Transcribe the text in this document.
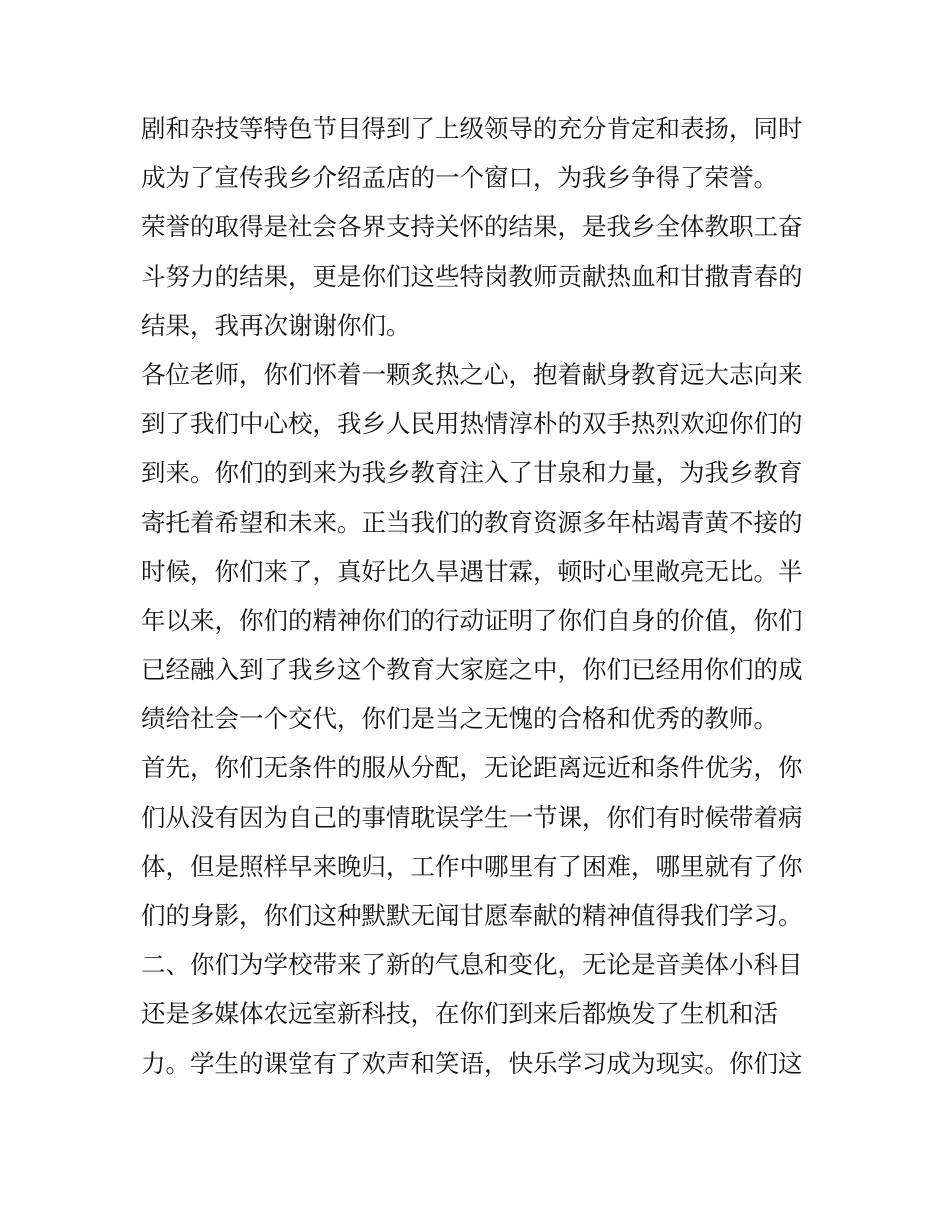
剧和杂技等特色节目得到了上级领导的充分肯定和表扬，同时
成为了宣传我乡介绍孟店的一个窗口，为我乡争得了荣誉。
荣誉的取得是社会各界支持关怀的结果，是我乡全体教职工奋
斗努力的结果，更是你们这些特岗教师贡献热血和甘撒青春的
结果，我再次谢谢你们。
各位老师，你们怀着一颗炙热之心，抱着献身教育远大志向来
到了我们中心校，我乡人民用热情淳朴的双手热烈欢迎你们的
到来。你们的到来为我乡教育注入了甘泉和力量，为我乡教育
寄托着希望和未来。正当我们的教育资源多年枯竭青黄不接的
时候，你们来了，真好比久旱遇甘霖，顿时心里敞亮无比。半
年以来，你们的精神你们的行动证明了你们自身的价值，你们
已经融入到了我乡这个教育大家庭之中，你们已经用你们的成
绩给社会一个交代，你们是当之无愧的合格和优秀的教师。
首先，你们无条件的服从分配，无论距离远近和条件优劣，你
们从没有因为自己的事情耽误学生一节课，你们有时候带着病
体，但是照样早来晚归，工作中哪里有了困难，哪里就有了你
们的身影，你们这种默默无闻甘愿奉献的精神值得我们学习。
二、你们为学校带来了新的气息和变化，无论是音美体小科目
还是多媒体农远室新科技，在你们到来后都焕发了生机和活
力。学生的课堂有了欢声和笑语，快乐学习成为现实。你们这
